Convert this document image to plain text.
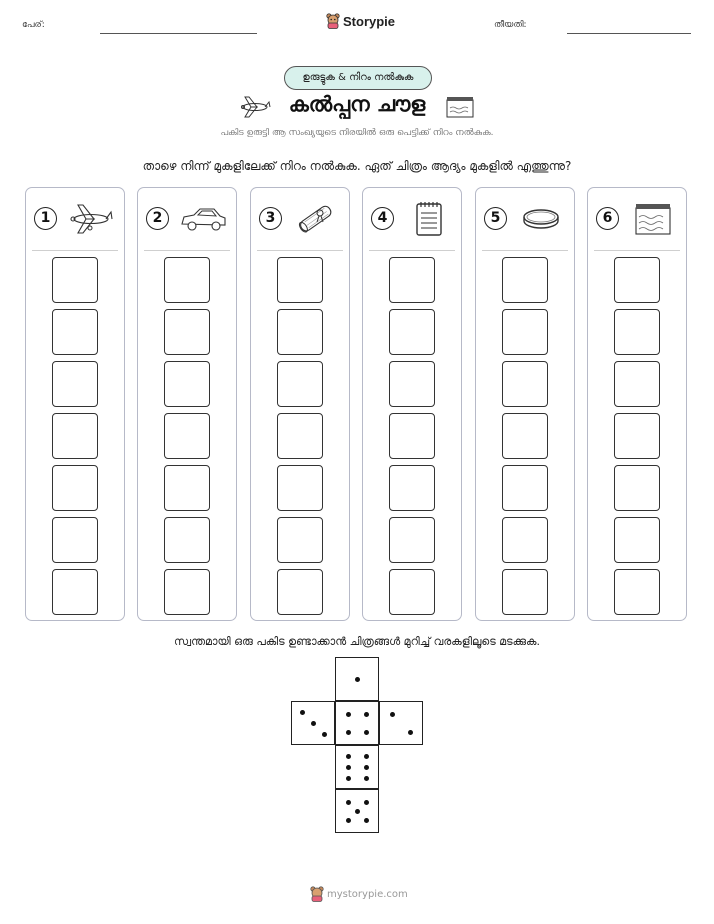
പേര്:	Storypie	തീയതി:
ഉരുട്ടുക & നിറം നൽകുക
കൽപ്പന ചൗള
പകിട ഉരുട്ടി ആ സംഖ്യയുടെ നിരയിൽ ഒരു പെട്ടിക്ക് നിറം നൽകുക.
താഴെ നിന്ന് മുകളിലേക്ക് നിറം നൽകുക. ഏത് ചിത്രം ആദ്യം മുകളിൽ എത്തുന്നു?
1	2	3	4	5	6
സ്വന്തമായി ഒരു പകിട ഉണ്ടാക്കാൻ ചിത്രങ്ങൾ മുറിച്ച് വരകളിലൂടെ മടക്കുക.
mystorypie.com
